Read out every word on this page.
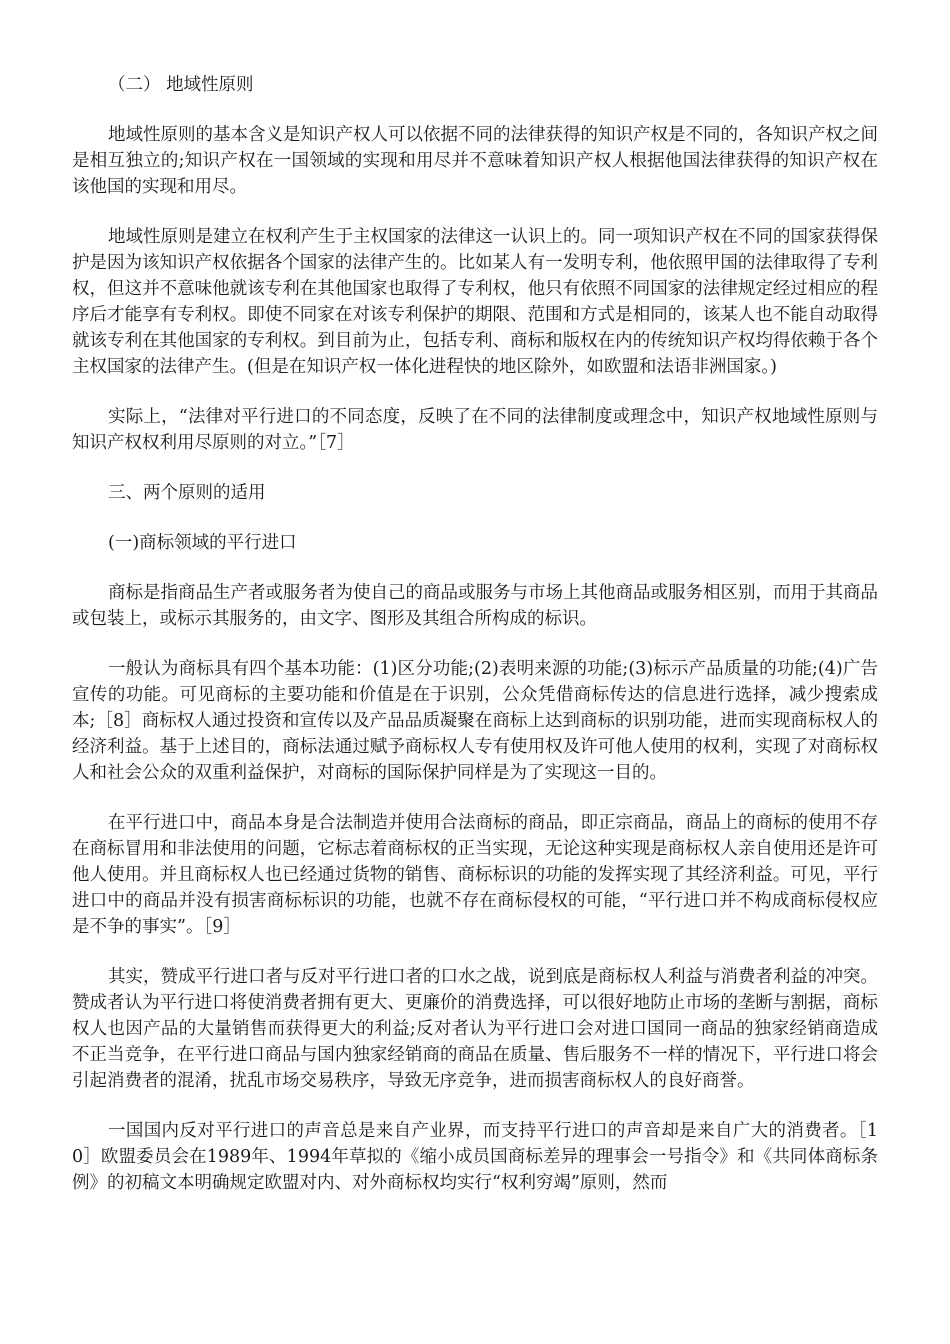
（二） 地域性原则

地域性原则的基本含义是知识产权人可以依据不同的法律获得的知识产权是不同的，各知识产权之间是相互独立的;知识产权在一国领域的实现和用尽并不意味着知识产权人根据他国法律获得的知识产权在该他国的实现和用尽。

地域性原则是建立在权利产生于主权国家的法律这一认识上的。同一项知识产权在不同的国家获得保护是因为该知识产权依据各个国家的法律产生的。比如某人有一发明专利，他依照甲国的法律取得了专利权，但这并不意味他就该专利在其他国家也取得了专利权，他只有依照不同国家的法律规定经过相应的程序后才能享有专利权。即使不同家在对该专利保护的期限、范围和方式是相同的，该某人也不能自动取得就该专利在其他国家的专利权。到目前为止，包括专利、商标和版权在内的传统知识产权均得依赖于各个主权国家的法律产生。(但是在知识产权一体化进程快的地区除外，如欧盟和法语非洲国家。)

实际上，“法律对平行进口的不同态度，反映了在不同的法律制度或理念中，知识产权地域性原则与知识产权权利用尽原则的对立。”［7］

三、两个原则的适用

(一)商标领域的平行进口

商标是指商品生产者或服务者为使自己的商品或服务与市场上其他商品或服务相区别，而用于其商品或包装上，或标示其服务的，由文字、图形及其组合所构成的标识。

一般认为商标具有四个基本功能：(1)区分功能;(2)表明来源的功能;(3)标示产品质量的功能;(4)广告宣传的功能。可见商标的主要功能和价值是在于识别，公众凭借商标传达的信息进行选择，减少搜索成本;［8］商标权人通过投资和宣传以及产品品质凝聚在商标上达到商标的识别功能，进而实现商标权人的经济利益。基于上述目的，商标法通过赋予商标权人专有使用权及许可他人使用的权利，实现了对商标权人和社会公众的双重利益保护，对商标的国际保护同样是为了实现这一目的。

在平行进口中，商品本身是合法制造并使用合法商标的商品，即正宗商品，商品上的商标的使用不存在商标冒用和非法使用的问题，它标志着商标权的正当实现，无论这种实现是商标权人亲自使用还是许可他人使用。并且商标权人也已经通过货物的销售、商标标识的功能的发挥实现了其经济利益。可见，平行进口中的商品并没有损害商标标识的功能，也就不存在商标侵权的可能，“平行进口并不构成商标侵权应是不争的事实”。［9］

其实，赞成平行进口者与反对平行进口者的口水之战，说到底是商标权人利益与消费者利益的冲突。赞成者认为平行进口将使消费者拥有更大、更廉价的消费选择，可以很好地防止市场的垄断与割据，商标权人也因产品的大量销售而获得更大的利益;反对者认为平行进口会对进口国同一商品的独家经销商造成不正当竞争，在平行进口商品与国内独家经销商的商品在质量、售后服务不一样的情况下，平行进口将会引起消费者的混淆，扰乱市场交易秩序，导致无序竞争，进而损害商标权人的良好商誉。

一国国内反对平行进口的声音总是来自产业界，而支持平行进口的声音却是来自广大的消费者。［10］欧盟委员会在1989年、1994年草拟的《缩小成员国商标差异的理事会一号指令》和《共同体商标条例》的初稿文本明确规定欧盟对内、对外商标权均实行“权利穷竭”原则，然而
